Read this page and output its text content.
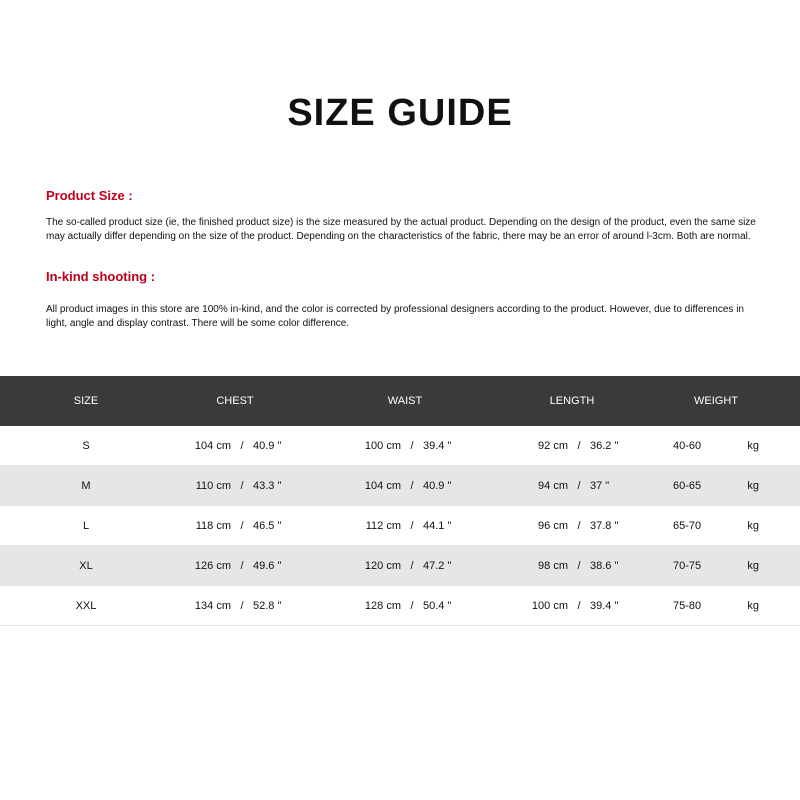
SIZE GUIDE
Product Size :
The so-called product size (ie, the finished product size) is the size measured by the actual product. Depending on the design of the product, even the same size may actually differ depending on the size of the product. Depending on the characteristics of the fabric, there may be an error of around l-3cm. Both are normal.
In-kind shooting :
All product images in this store are 100% in-kind, and the color is corrected by professional designers according to the product. However, due to differences in light, angle and display contrast. There will be some color difference.
SIZE	CHEST	WAIST	LENGTH	WEIGHT
S	104 cm / 40.9 "	100 cm / 39.4 "	92 cm / 36.2 "	40-60	kg
M	110 cm / 43.3 "	104 cm / 40.9 "	94 cm / 37 "	60-65	kg
L	118 cm / 46.5 "	112 cm / 44.1 "	96 cm / 37.8 "	65-70	kg
XL	126 cm / 49.6 "	120 cm / 47.2 "	98 cm / 38.6 "	70-75	kg
XXL	134 cm / 52.8 "	128 cm / 50.4 "	100 cm / 39.4 "	75-80	kg
